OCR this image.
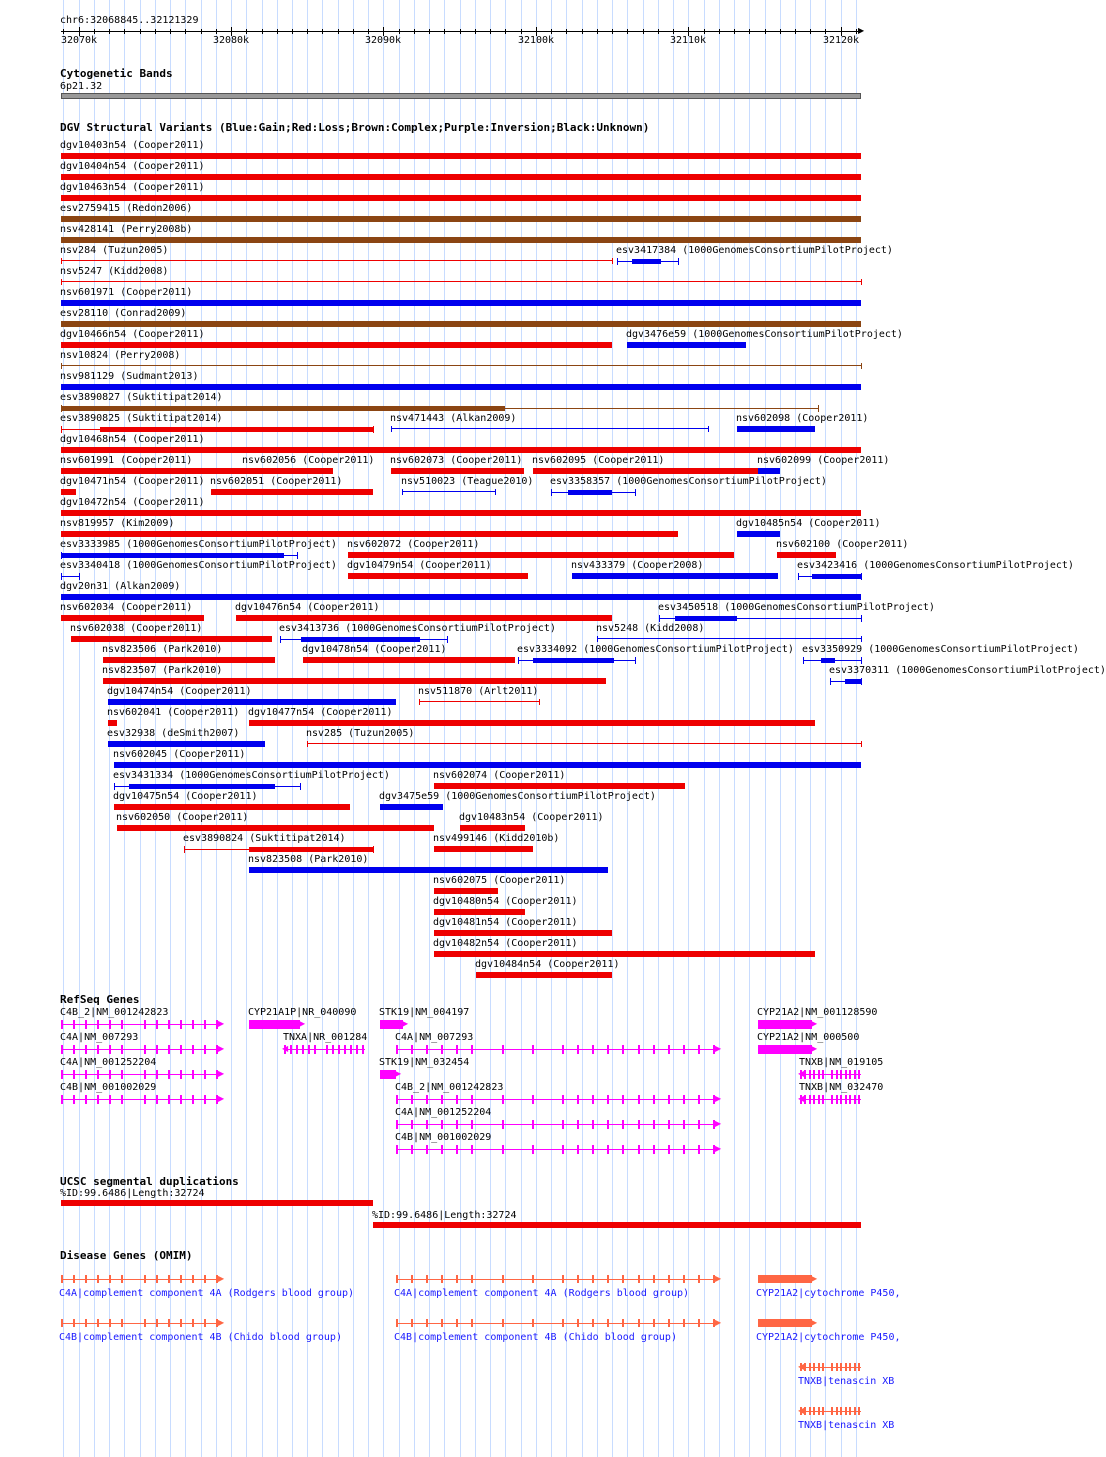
chr6:32068845..32121329
▶
32070k	32080k	32090k	32100k	32110k	32120k
Cytogenetic Bands
6p21.32
DGV Structural Variants (Blue:Gain;Red:Loss;Brown:Complex;Purple:Inversion;Black:Unknown)
dgv10403n54 (Cooper2011)
dgv10404n54 (Cooper2011)
dgv10463n54 (Cooper2011)
esv2759415 (Redon2006)
nsv428141 (Perry2008b)
nsv284 (Tuzun2005)	esv3417384 (1000GenomesConsortiumPilotProject)
nsv5247 (Kidd2008)
nsv601971 (Cooper2011)
esv28110 (Conrad2009)
dgv10466n54 (Cooper2011)	dgv3476e59 (1000GenomesConsortiumPilotProject)
nsv10824 (Perry2008)
nsv981129 (Sudmant2013)
esv3890827 (Suktitipat2014)
esv3890825 (Suktitipat2014)	nsv471443 (Alkan2009)	nsv602098 (Cooper2011)
dgv10468n54 (Cooper2011)
nsv601991 (Cooper2011)	nsv602056 (Cooper2011) nsv602073 (Cooper2011) nsv602095 (Cooper2011)	nsv602099 (Cooper2011)
dgv10471n54 (Cooper2011) nsv602051 (Cooper2011)	nsv510023 (Teague2010) esv3358357 (1000GenomesConsortiumPilotProject)
dgv10472n54 (Cooper2011)
nsv819957 (Kim2009)	dgv10485n54 (Cooper2011)
esv3333985 (1000GenomesConsortiumPilotProject) nsv602072 (Cooper2011)	nsv602100 (Cooper2011)
esv3340418 (1000GenomesConsortiumPilotProject) dgv10479n54 (Cooper2011)	nsv433379 (Cooper2008)	esv3423416 (1000GenomesConsortiumPilotProject)
dgv20n31 (Alkan2009)
nsv602034 (Cooper2011)	dgv10476n54 (Cooper2011)	esv3450518 (1000GenomesConsortiumPilotProject)
nsv602038 (Cooper2011)	esv3413736 (1000GenomesConsortiumPilotProject)	nsv5248 (Kidd2008)
nsv823506 (Park2010)	dgv10478n54 (Cooper2011)	esv3334092 (1000GenomesConsortiumPilotProject) esv3350929 (1000GenomesConsortiumPilotProject)
nsv823507 (Park2010)	esv3370311 (1000GenomesConsortiumPilotProject)
dgv10474n54 (Cooper2011)	nsv511870 (Arlt2011)
nsv602041 (Cooper2011) dgv10477n54 (Cooper2011)
esv32938 (deSmith2007)	nsv285 (Tuzun2005)
nsv602045 (Cooper2011)
esv3431334 (1000GenomesConsortiumPilotProject)	nsv602074 (Cooper2011)
dgv10475n54 (Cooper2011)	dgv3475e59 (1000GenomesConsortiumPilotProject)
nsv602050 (Cooper2011)	dgv10483n54 (Cooper2011)
esv3890824 (Suktitipat2014)	nsv499146 (Kidd2010b)
nsv823508 (Park2010)
nsv602075 (Cooper2011)
dgv10480n54 (Cooper2011)
dgv10481n54 (Cooper2011)
dgv10482n54 (Cooper2011)
dgv10484n54 (Cooper2011)
RefSeq Genes
C4B_2|NM_001242823
▶
C4A|NM_007293
▶
C4A|NM_001252204
▶
C4B|NM_001002029
▶
CYP21A1P|NR_040090
▶
TNXA|NR_001284
◀
STK19|NM_004197
▶
C4A|NM_007293
▶
STK19|NM_032454
▶
C4B_2|NM_001242823
▶
C4A|NM_001252204
▶
C4B|NM_001002029
▶
CYP21A2|NM_001128590
▶
CYP21A2|NM_000500
▶
TNXB|NM_019105
◀
TNXB|NM_032470
◀
UCSC segmental duplications
%ID:99.6486|Length:32724
%ID:99.6486|Length:32724
Disease Genes (OMIM)
▶
C4A|complement component 4A (Rodgers blood group)
▶
C4B|complement component 4B (Chido blood group)
▶
C4A|complement component 4A (Rodgers blood group)
▶
C4B|complement component 4B (Chido blood group)
▶
CYP21A2|cytochrome P450,
▶
CYP21A2|cytochrome P450,
◀
TNXB|tenascin XB
◀
TNXB|tenascin XB
